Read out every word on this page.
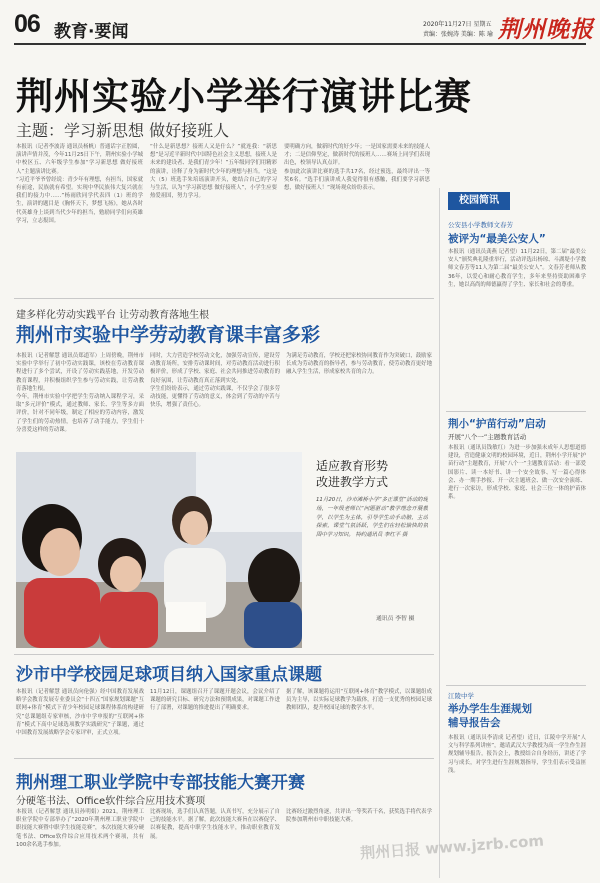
06 教育·要闻	2020年11月27日 星期五
责编：张婉涛 美编：陈 瑜 荆州晚报
荆州实验小学举行演讲比赛
主题：学习新思想 做好接班人

本报讯（记者李波涛 通讯员杨帆）普通话字正腔圆，演讲声情并茂，今年11月25日下午，荆州实验小学城中校区五、六年级学生参加“学习新思想 做好接班人”主题演讲比赛。

“习近平爷爷曾经说：青少年有理想，有担当，国家就有前途，民族就有希望。实现中华民族伟大复兴就在我们的接力中……”杨雨欣同学代表四（1）班的学生，演讲的题目是《胸怀天下，梦想飞扬》，她从各时代英雄身上谈到当代少年的担当，勉励同学们向英雄学习，立志报国。

“什么是新思想？接班人又是什么？”就连我：“新思想”是习近平新时代中国特色社会主义思想，接班人是未来的建设者、是我们青少年！”五年级同学们用精彩的演讲，诠释了身为新时代少年的理想与担当。“这是大（5）班选手朱培瑶演讲开头，她结合自己的学习与生活，认为“学习新思想 做好接班人”，小学生应要热爱祖国，努力学习。

要明确方向，做新时代的好少年；一是国家需要未来的技能人才；二是信仰坚定，做新时代的接班人……赛场上同学们表现出色，校领导认真点评。

参加此次演讲比赛的选手共17名，经过预选，最终评出一等奖6名。“选手们演讲成人我觉得很有感触，我们要学习新思想，做好接班人！”现场观众纷纷表示。

建多样化劳动实践平台 让劳动教育落地生根
荆州市实验中学劳动教育课丰富多彩

本报讯（记者解慧 通讯员郑道军）上周傍晚，荆州市实验中学举行了初中劳动实践课，该校在劳动教育课程进行了多个尝试，开设了劳动实践基地，开发劳动教育课程，并积极组织学生参与劳动实践，让劳动教育落地生根。

今年，荆州市实验中学把学生劳动纳入课程学习，采取“多元评价”模式，通过教师、家长、学生等多方面评价，针对不同年级，制定了相应的劳动内容，激发了学生们的劳动热情，也培养了动手能力，学生们十分喜爱这样的劳动课。

同时，大力营造学校劳动文化，加强劳动宣传，建设劳动教育场所，安排劳动课时间，对劳动教育活动进行积极评价，形成了学校、家庭、社会共同推进劳动教育的良好氛围，让劳动教育真正落到实处。

学生们纷纷表示，通过劳动实践课，不仅学会了很多劳动技能，更懂得了劳动的意义，体会到了劳动的辛苦与快乐，增强了责任心。

为满足劳动教育，学校还把家校协同教育作为突破口，鼓励家长成为劳动教育的指导者，参与劳动教育，使劳动教育更好地融入学生生活，形成家校共育的合力。

适应教育形势
改进教学方式
11月20日，沙市滩桥小学“多正课堂”活动的现场，一年级老师以“问题驱动”教学理念开展教学，以学生为主体，引导学生动手动脑，主动探索，课堂气氛活跃，学生们在轻松愉快的氛围中学习知识。 特约通讯员 李红平 摄
通讯员 李智 摄
沙市中学校园足球项目纳入国家重点课题

本报讯（记者解慧 通讯员向伦强）经中国教育发展战略学会教育发展专业委员会“十四五”国家规划课题“互联网+体育”模式下青少年校园足球课程体系的构建研究”总课题组专家审核，沙市中学申报的“互联网+体育”模式下高中足球选项教学实践研究”子课题，通过中国教育发展战略学会专家评审，正式立项。

11月12日，课题组召开了课题开题会议，会议介绍了课题的研究目标、研究方法和预期成果，对课题工作进行了部署，对课题的推进提出了明确要求。

据了解，该课题将运用“互联网+体育”教学模式，以课题组成员为主导，以实际足球教学为载体，打造一支优秀的校园足球教师团队，提升校园足球的教学水平。

荆州理工职业学院中专部技能大赛开赛
分硬笔书法、Office软件综合应用技术赛项

本报讯（记者解慧 通讯员孙明娟）2021，荆州理工职业学院中专部举办了“2020年荆州理工职业学院中职技能大赛暨中职学生技能竞赛”，本次技能大赛分硬笔书法、Office软件综合应用技术两个赛项，共有100余名选手参加。

比赛现场，选手们认真答题，认真书写，充分展示了自己的技能水平。据了解，此次技能大赛旨在以赛促学、以赛促教，提高中职学生技能水平，推动职业教育发展。

比赛经过激烈角逐，共评出一等奖若干名，获奖选手将代表学院参加荆州市中职技能大赛。

校园简讯
公安县小学教师文春芳
被评为“最美公安人”
本报讯（通讯员龚燕 记者望）11月22日，第二届“最美公安人”颁奖典礼隆重举行，活动评选出杨琼、斗湖堤小学教师文春芳等11人为第二届“最美公安人”。文春芳老师从教36年，以爱心和耐心教育学生，多年来坚持资助困难学生，她以高尚的师德赢得了学生、家长和社会的尊重。
荆小“护苗行动”启动
开展“八个一”主题教育活动
本报讯（通讯员钱敏红）为进一步加强未成年人思想道德建设，营造健康文明的校园环境，近日，荆州小学开展“护苗行动”主题教育，开展“八个一”主题教育活动：看一部爱国影片、读一本好书、讲一个安全故事、写一篇心得体会、办一期手抄报、开一次主题班会、做一次安全演练、进行一次家访，形成学校、家庭、社会三位一体的护苗体系。
江陵中学
举办学生生涯规划
辅导报告会
本报讯（通讯员李清成 记者望）近日，江陵中学开展“人文与科学系列讲座”，邀请武汉大学教授为高一学生作生涯规划辅导报告，报告会上，教授结合自身经历，讲述了学习与成长，对学生进行生涯规划指导，学生们表示受益匪浅。
荆州日报 www.jzrb.com
